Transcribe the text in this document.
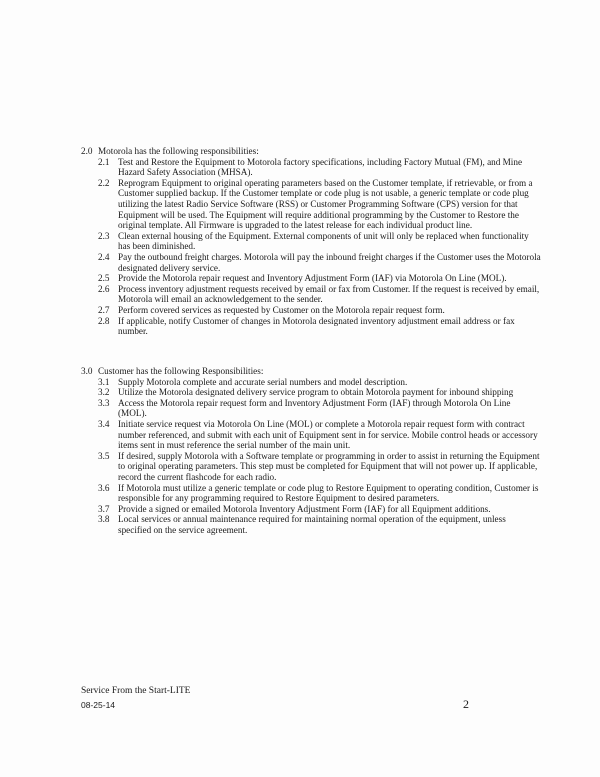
2.0 Motorola has the following responsibilities:
2.1 Test and Restore the Equipment to Motorola factory specifications, including Factory Mutual (FM), and Mine Hazard Safety Association (MHSA).
2.2 Reprogram Equipment to original operating parameters based on the Customer template, if retrievable, or from a Customer supplied backup. If the Customer template or code plug is not usable, a generic template or code plug utilizing the latest Radio Service Software (RSS) or Customer Programming Software (CPS) version for that Equipment will be used. The Equipment will require additional programming by the Customer to Restore the original template. All Firmware is upgraded to the latest release for each individual product line.
2.3 Clean external housing of the Equipment. External components of unit will only be replaced when functionality has been diminished.
2.4 Pay the outbound freight charges. Motorola will pay the inbound freight charges if the Customer uses the Motorola designated delivery service.
2.5 Provide the Motorola repair request and Inventory Adjustment Form (IAF) via Motorola On Line (MOL).
2.6 Process inventory adjustment requests received by email or fax from Customer. If the request is received by email, Motorola will email an acknowledgement to the sender.
2.7 Perform covered services as requested by Customer on the Motorola repair request form.
2.8 If applicable, notify Customer of changes in Motorola designated inventory adjustment email address or fax number.
3.0 Customer has the following Responsibilities:
3.1 Supply Motorola complete and accurate serial numbers and model description.
3.2 Utilize the Motorola designated delivery service program to obtain Motorola payment for inbound shipping
3.3 Access the Motorola repair request form and Inventory Adjustment Form (IAF) through Motorola On Line (MOL).
3.4 Initiate service request via Motorola On Line (MOL) or complete a Motorola repair request form with contract number referenced, and submit with each unit of Equipment sent in for service. Mobile control heads or accessory items sent in must reference the serial number of the main unit.
3.5 If desired, supply Motorola with a Software template or programming in order to assist in returning the Equipment to original operating parameters. This step must be completed for Equipment that will not power up. If applicable, record the current flashcode for each radio.
3.6 If Motorola must utilize a generic template or code plug to Restore Equipment to operating condition, Customer is responsible for any programming required to Restore Equipment to desired parameters.
3.7 Provide a signed or emailed Motorola Inventory Adjustment Form (IAF) for all Equipment additions.
3.8 Local services or annual maintenance required for maintaining normal operation of the equipment, unless specified on the service agreement.
Service From the Start-LITE
08-25-14	2
